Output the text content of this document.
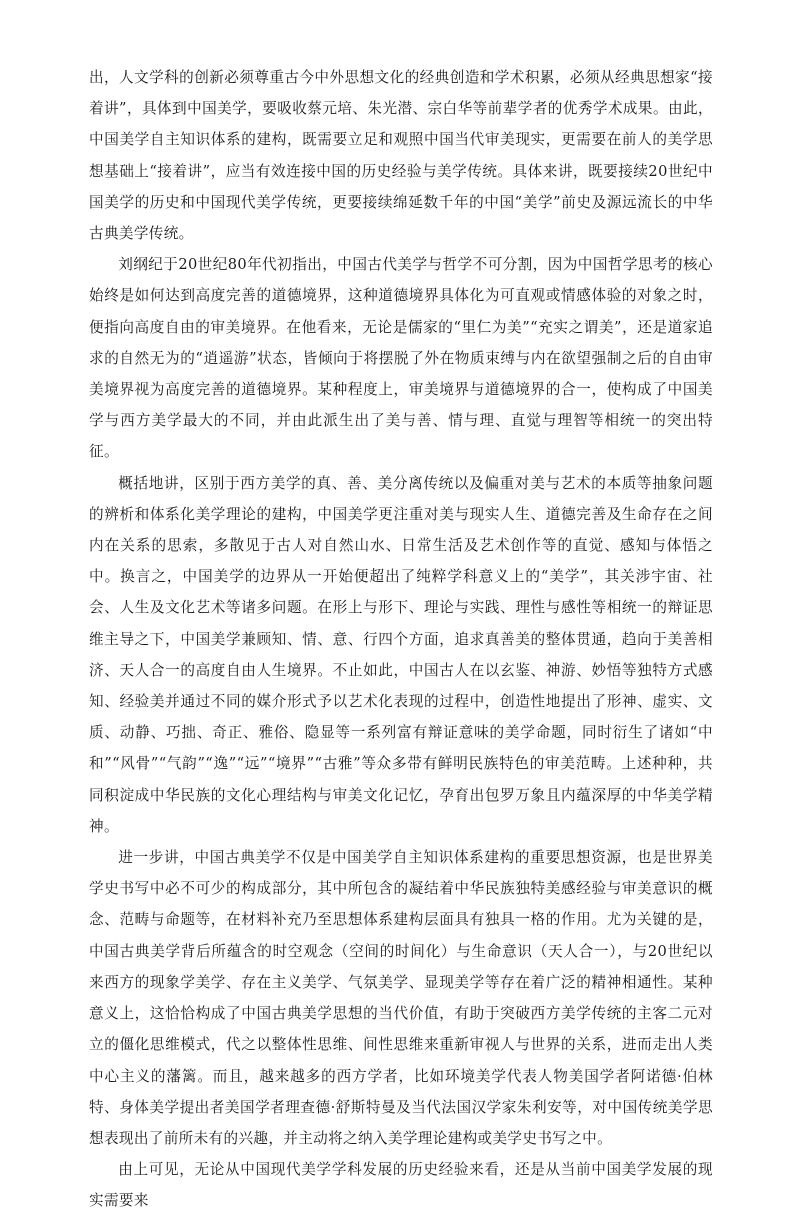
出，人文学科的创新必须尊重古今中外思想文化的经典创造和学术积累，必须从经典思想家“接着讲”，具体到中国美学，要吸收蔡元培、朱光潜、宗白华等前辈学者的优秀学术成果。由此，中国美学自主知识体系的建构，既需要立足和观照中国当代审美现实，更需要在前人的美学思想基础上“接着讲”，应当有效连接中国的历史经验与美学传统。具体来讲，既要接续20世纪中国美学的历史和中国现代美学传统，更要接续绵延数千年的中国“美学”前史及源远流长的中华古典美学传统。

刘纲纪于20世纪80年代初指出，中国古代美学与哲学不可分割，因为中国哲学思考的核心始终是如何达到高度完善的道德境界，这种道德境界具体化为可直观或情感体验的对象之时，便指向高度自由的审美境界。在他看来，无论是儒家的“里仁为美”“充实之谓美”，还是道家追求的自然无为的“逍遥游”状态，皆倾向于将摆脱了外在物质束缚与内在欲望强制之后的自由审美境界视为高度完善的道德境界。某种程度上，审美境界与道德境界的合一，使构成了中国美学与西方美学最大的不同，并由此派生出了美与善、情与理、直觉与理智等相统一的突出特征。

概括地讲，区别于西方美学的真、善、美分离传统以及偏重对美与艺术的本质等抽象问题的辨析和体系化美学理论的建构，中国美学更注重对美与现实人生、道德完善及生命存在之间内在关系的思索，多散见于古人对自然山水、日常生活及艺术创作等的直觉、感知与体悟之中。换言之，中国美学的边界从一开始便超出了纯粹学科意义上的“美学”，其关涉宇宙、社会、人生及文化艺术等诸多问题。在形上与形下、理论与实践、理性与感性等相统一的辩证思维主导之下，中国美学兼顾知、情、意、行四个方面，追求真善美的整体贯通，趋向于美善相济、天人合一的高度自由人生境界。不止如此，中国古人在以玄鉴、神游、妙悟等独特方式感知、经验美并通过不同的媒介形式予以艺术化表现的过程中，创造性地提出了形神、虚实、文质、动静、巧拙、奇正、雅俗、隐显等一系列富有辩证意味的美学命题，同时衍生了诸如“中和”“风骨”“气韵”“逸”“远”“境界”“古雅”等众多带有鲜明民族特色的审美范畴。上述种种，共同积淀成中华民族的文化心理结构与审美文化记忆，孕育出包罗万象且内蕴深厚的中华美学精神。

进一步讲，中国古典美学不仅是中国美学自主知识体系建构的重要思想资源，也是世界美学史书写中必不可少的构成部分，其中所包含的凝结着中华民族独特美感经验与审美意识的概念、范畴与命题等，在材料补充乃至思想体系建构层面具有独具一格的作用。尤为关键的是，中国古典美学背后所蕴含的时空观念（空间的时间化）与生命意识（天人合一），与20世纪以来西方的现象学美学、存在主义美学、气氛美学、显现美学等存在着广泛的精神相通性。某种意义上，这恰恰构成了中国古典美学思想的当代价值，有助于突破西方美学传统的主客二元对立的僵化思维模式，代之以整体性思维、间性思维来重新审视人与世界的关系，进而走出人类中心主义的藩篱。而且，越来越多的西方学者，比如环境美学代表人物美国学者阿诺德·伯林特、身体美学提出者美国学者理查德·舒斯特曼及当代法国汉学家朱利安等，对中国传统美学思想表现出了前所未有的兴趣，并主动将之纳入美学理论建构或美学史书写之中。

由上可见，无论从中国现代美学学科发展的历史经验来看，还是从当前中国美学发展的现实需要来
